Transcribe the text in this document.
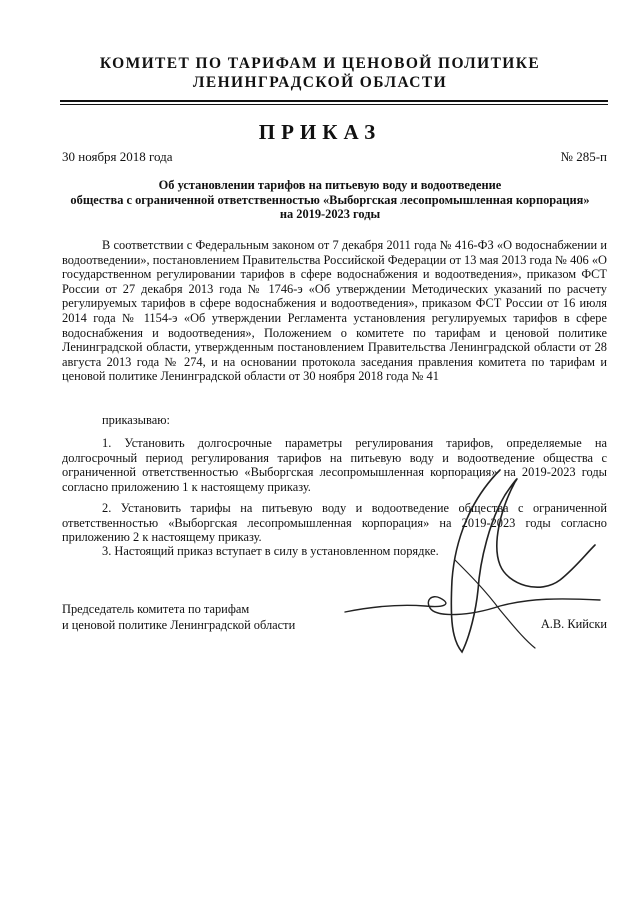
КОМИТЕТ ПО ТАРИФАМ И ЦЕНОВОЙ ПОЛИТИКЕ
ЛЕНИНГРАДСКОЙ ОБЛАСТИ
ПРИКАЗ
30 ноября 2018 года	№ 285-п
Об установлении тарифов на питьевую воду и водоотведение
общества с ограниченной ответственностью «Выборгская лесопромышленная корпорация»
на 2019-2023 годы

В соответствии с Федеральным законом от 7 декабря 2011 года № 416-ФЗ «О водоснабжении и водоотведении», постановлением Правительства Российской Федерации от 13 мая 2013 года № 406 «О государственном регулировании тарифов в сфере водоснабжения и водоотведения», приказом ФСТ России от 27 декабря 2013 года № 1746-э «Об утверждении Методических указаний по расчету регулируемых тарифов в сфере водоснабжения и водоотведения», приказом ФСТ России от 16 июля 2014 года № 1154-э «Об утверждении Регламента установления регулируемых тарифов в сфере водоснабжения и водоотведения», Положением о комитете по тарифам и ценовой политике Ленинградской области, утвержденным постановлением Правительства Ленинградской области от 28 августа 2013 года № 274, и на основании протокола заседания правления комитета по тарифам и ценовой политике Ленинградской области от 30 ноября 2018 года № 41

приказываю:

1. Установить долгосрочные параметры регулирования тарифов, определяемые на долгосрочный период регулирования тарифов на питьевую воду и водоотведение общества с ограниченной ответственностью «Выборгская лесопромышленная корпорация» на 2019-2023 годы согласно приложению 1 к настоящему приказу.

2. Установить тарифы на питьевую воду и водоотведение общества с ограниченной ответственностью «Выборгская лесопромышленная корпорация» на 2019-2023 годы согласно приложению 2 к настоящему приказу.

3. Настоящий приказ вступает в силу в установленном порядке.

Председатель комитета по тарифам
и ценовой политике Ленинградской области	А.В. Кийски
